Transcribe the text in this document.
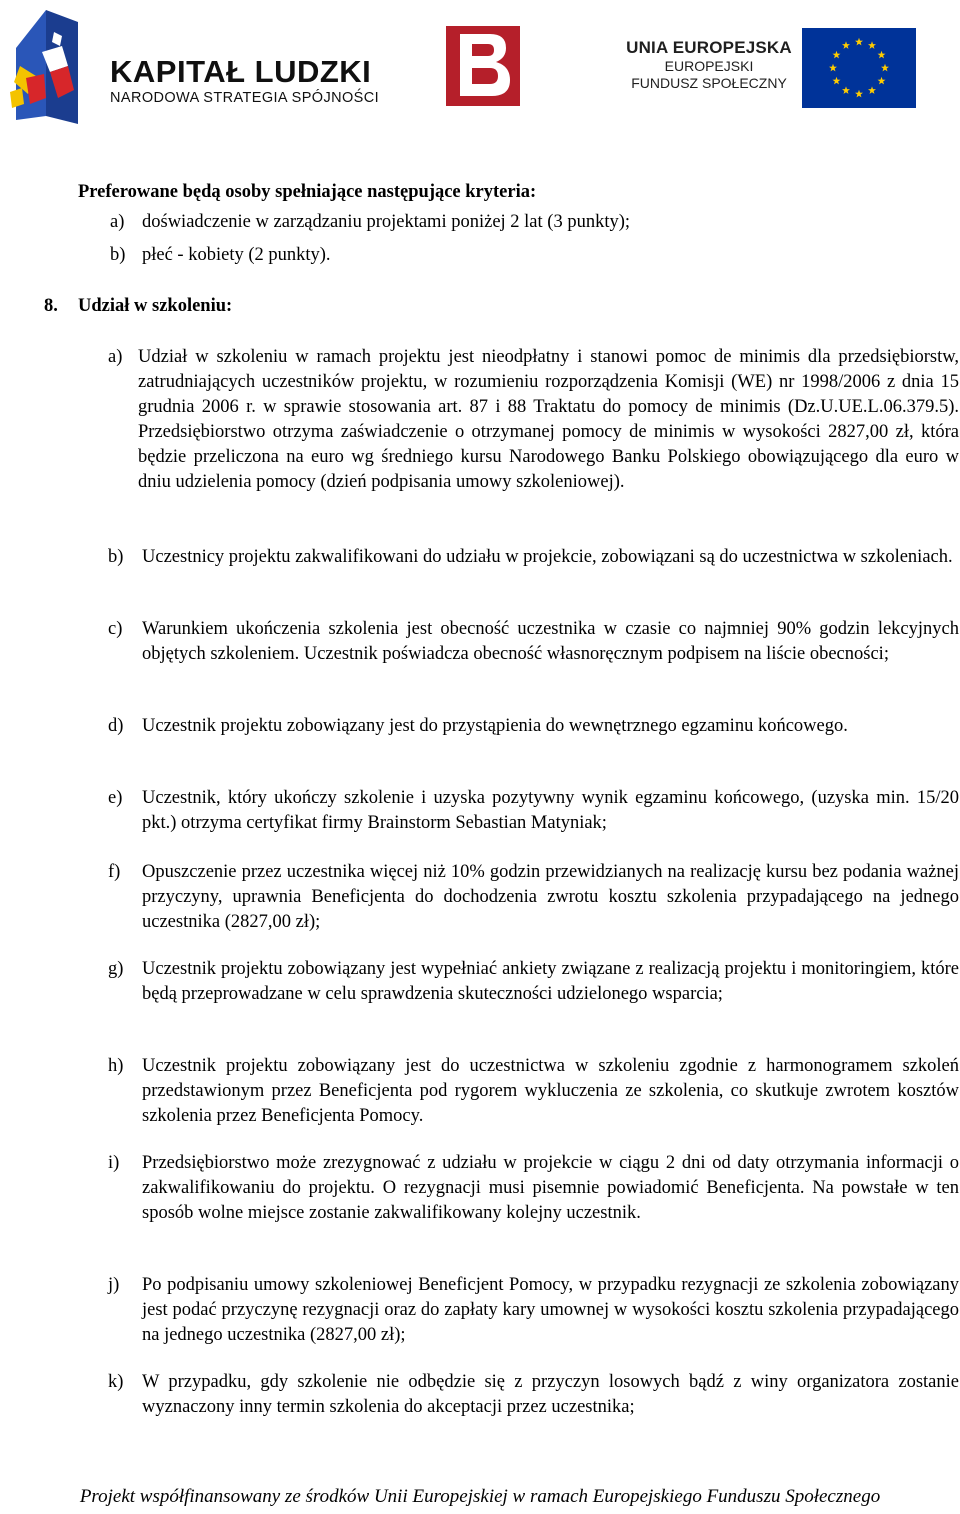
KAPITAŁ LUDZKI
NARODOWA STRATEGIA SPÓJNOŚCI
UNIA EUROPEJSKA
EUROPEJSKI
FUNDUSZ SPOŁECZNY
Preferowane będą osoby spełniające następujące kryteria:
a) doświadczenie w zarządzaniu projektami poniżej 2 lat (3 punkty);
b) płeć - kobiety (2 punkty).
8. Udział w szkoleniu:
a) Udział w szkoleniu w ramach projektu jest nieodpłatny i stanowi pomoc de minimis dla przedsiębiorstw, zatrudniających uczestników projektu, w rozumieniu rozporządzenia Komisji (WE) nr 1998/2006 z dnia 15 grudnia 2006 r. w sprawie stosowania art. 87 i 88 Traktatu do pomocy de minimis (Dz.U.UE.L.06.379.5). Przedsiębiorstwo otrzyma zaświadczenie o otrzymanej pomocy de minimis w wysokości 2827,00 zł, która będzie przeliczona na euro wg średniego kursu Narodowego Banku Polskiego obowiązującego dla euro w dniu udzielenia pomocy (dzień podpisania umowy szkoleniowej).
b) Uczestnicy projektu zakwalifikowani do udziału w projekcie, zobowiązani są do uczestnictwa w szkoleniach.
c) Warunkiem ukończenia szkolenia jest obecność uczestnika w czasie co najmniej 90% godzin lekcyjnych objętych szkoleniem. Uczestnik poświadcza obecność własnoręcznym podpisem na liście obecności;
d) Uczestnik projektu zobowiązany jest do przystąpienia do wewnętrznego egzaminu końcowego.
e) Uczestnik, który ukończy szkolenie i uzyska pozytywny wynik egzaminu końcowego, (uzyska min. 15/20 pkt.) otrzyma certyfikat firmy Brainstorm Sebastian Matyniak;
f) Opuszczenie przez uczestnika więcej niż 10% godzin przewidzianych na realizację kursu bez podania ważnej przyczyny, uprawnia Beneficjenta do dochodzenia zwrotu kosztu szkolenia przypadającego na jednego uczestnika (2827,00 zł);
g) Uczestnik projektu zobowiązany jest wypełniać ankiety związane z realizacją projektu i monitoringiem, które będą przeprowadzane w celu sprawdzenia skuteczności udzielonego wsparcia;
h) Uczestnik projektu zobowiązany jest do uczestnictwa w szkoleniu zgodnie z harmonogramem szkoleń przedstawionym przez Beneficjenta pod rygorem wykluczenia ze szkolenia, co skutkuje zwrotem kosztów szkolenia przez Beneficjenta Pomocy.
i) Przedsiębiorstwo może zrezygnować z udziału w projekcie w ciągu 2 dni od daty otrzymania informacji o zakwalifikowaniu do projektu. O rezygnacji musi pisemnie powiadomić Beneficjenta. Na powstałe w ten sposób wolne miejsce zostanie zakwalifikowany kolejny uczestnik.
j) Po podpisaniu umowy szkoleniowej Beneficjent Pomocy, w przypadku rezygnacji ze szkolenia zobowiązany jest podać przyczynę rezygnacji oraz do zapłaty kary umownej w wysokości kosztu szkolenia przypadającego na jednego uczestnika (2827,00 zł);
k) W przypadku, gdy szkolenie nie odbędzie się z przyczyn losowych bądź z winy organizatora zostanie wyznaczony inny termin szkolenia do akceptacji przez uczestnika;
Projekt współfinansowany ze środków Unii Europejskiej w ramach Europejskiego Funduszu Społecznego
